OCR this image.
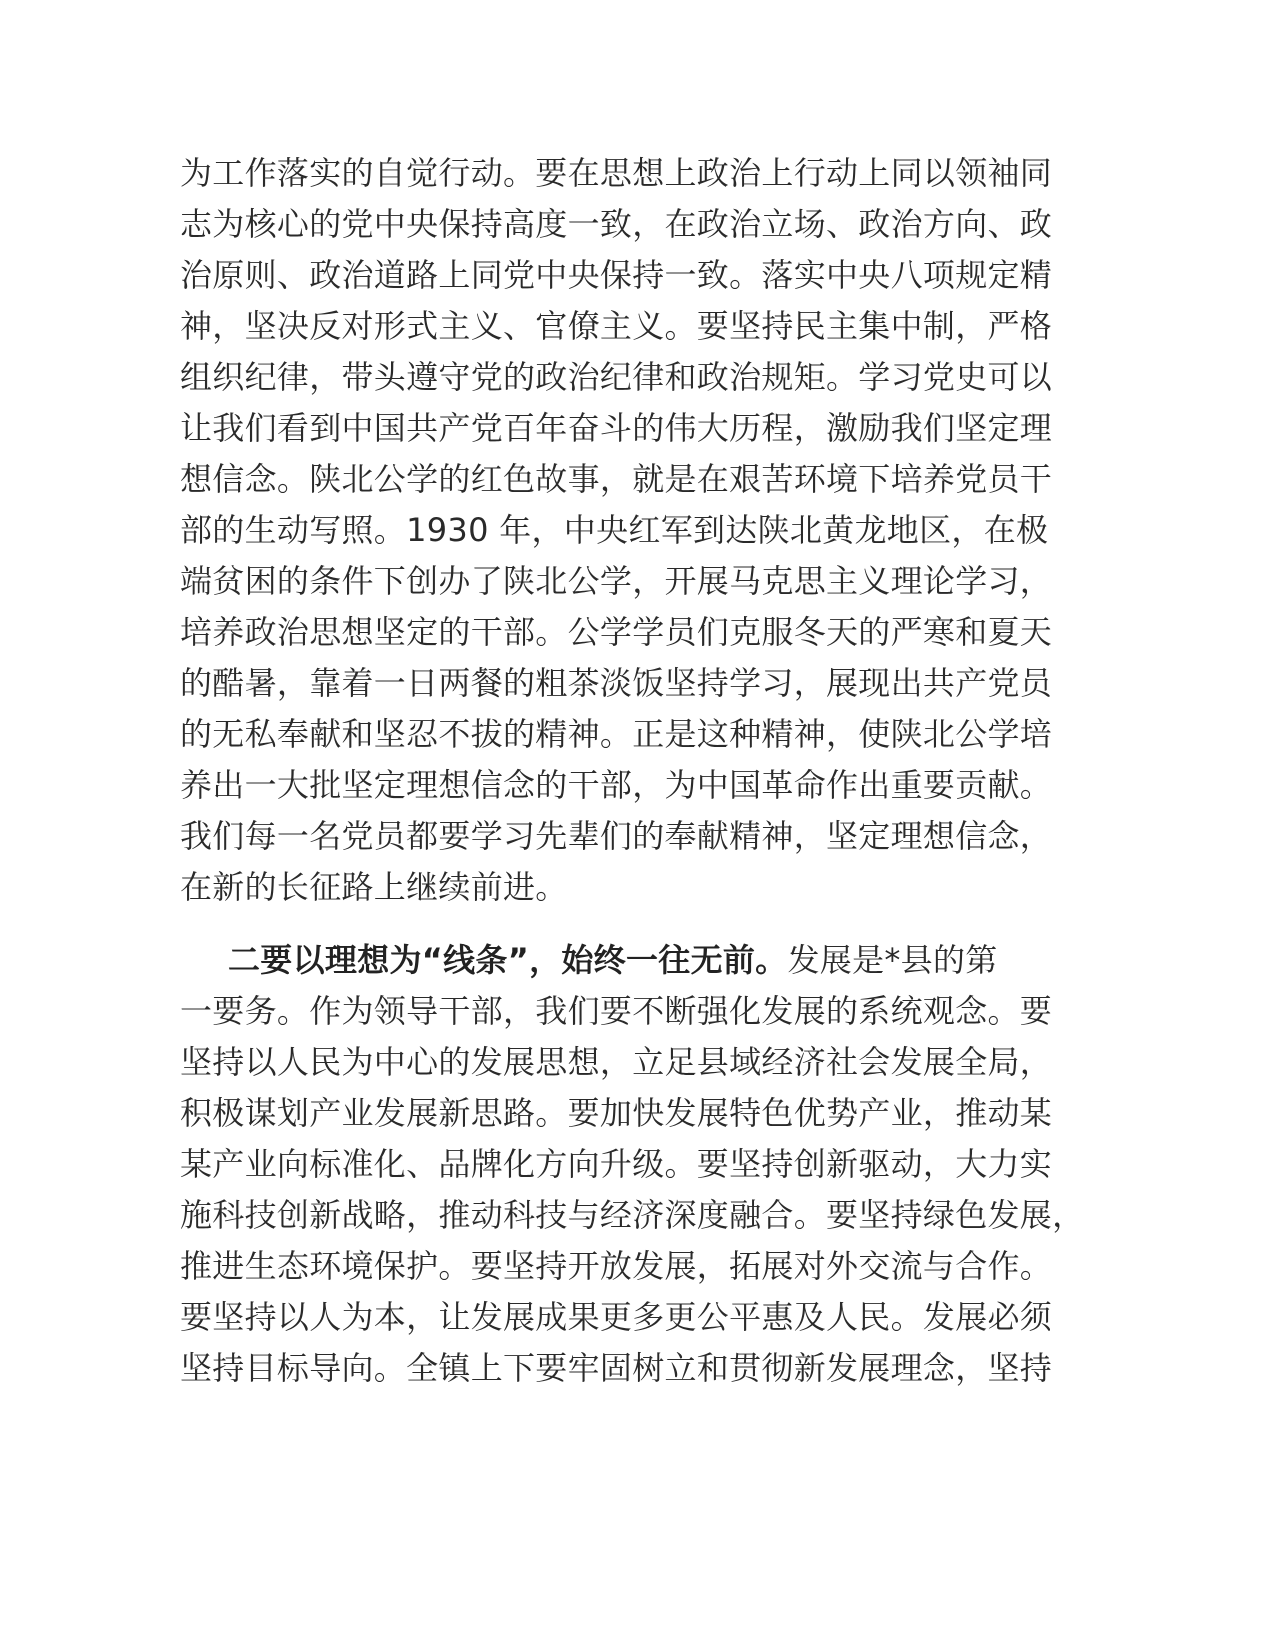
为工作落实的自觉行动。要在思想上政治上行动上同以领袖同
志为核心的党中央保持高度一致，在政治立场、政治方向、政
治原则、政治道路上同党中央保持一致。落实中央八项规定精
神，坚决反对形式主义、官僚主义。要坚持民主集中制，严格
组织纪律，带头遵守党的政治纪律和政治规矩。学习党史可以
让我们看到中国共产党百年奋斗的伟大历程，激励我们坚定理
想信念。陕北公学的红色故事，就是在艰苦环境下培养党员干
部的生动写照。1930 年，中央红军到达陕北黄龙地区，在极
端贫困的条件下创办了陕北公学，开展马克思主义理论学习，
培养政治思想坚定的干部。公学学员们克服冬天的严寒和夏天
的酷暑，靠着一日两餐的粗茶淡饭坚持学习，展现出共产党员
的无私奉献和坚忍不拔的精神。正是这种精神，使陕北公学培
养出一大批坚定理想信念的干部，为中国革命作出重要贡献。
我们每一名党员都要学习先辈们的奉献精神，坚定理想信念，
在新的长征路上继续前进。
二要以理想为“线条”，始终一往无前。发展是*县的第
一要务。作为领导干部，我们要不断强化发展的系统观念。要
坚持以人民为中心的发展思想，立足县域经济社会发展全局，
积极谋划产业发展新思路。要加快发展特色优势产业，推动某
某产业向标准化、品牌化方向升级。要坚持创新驱动，大力实
施科技创新战略，推动科技与经济深度融合。要坚持绿色发展，
推进生态环境保护。要坚持开放发展，拓展对外交流与合作。
要坚持以人为本，让发展成果更多更公平惠及人民。发展必须
坚持目标导向。全镇上下要牢固树立和贯彻新发展理念，坚持
